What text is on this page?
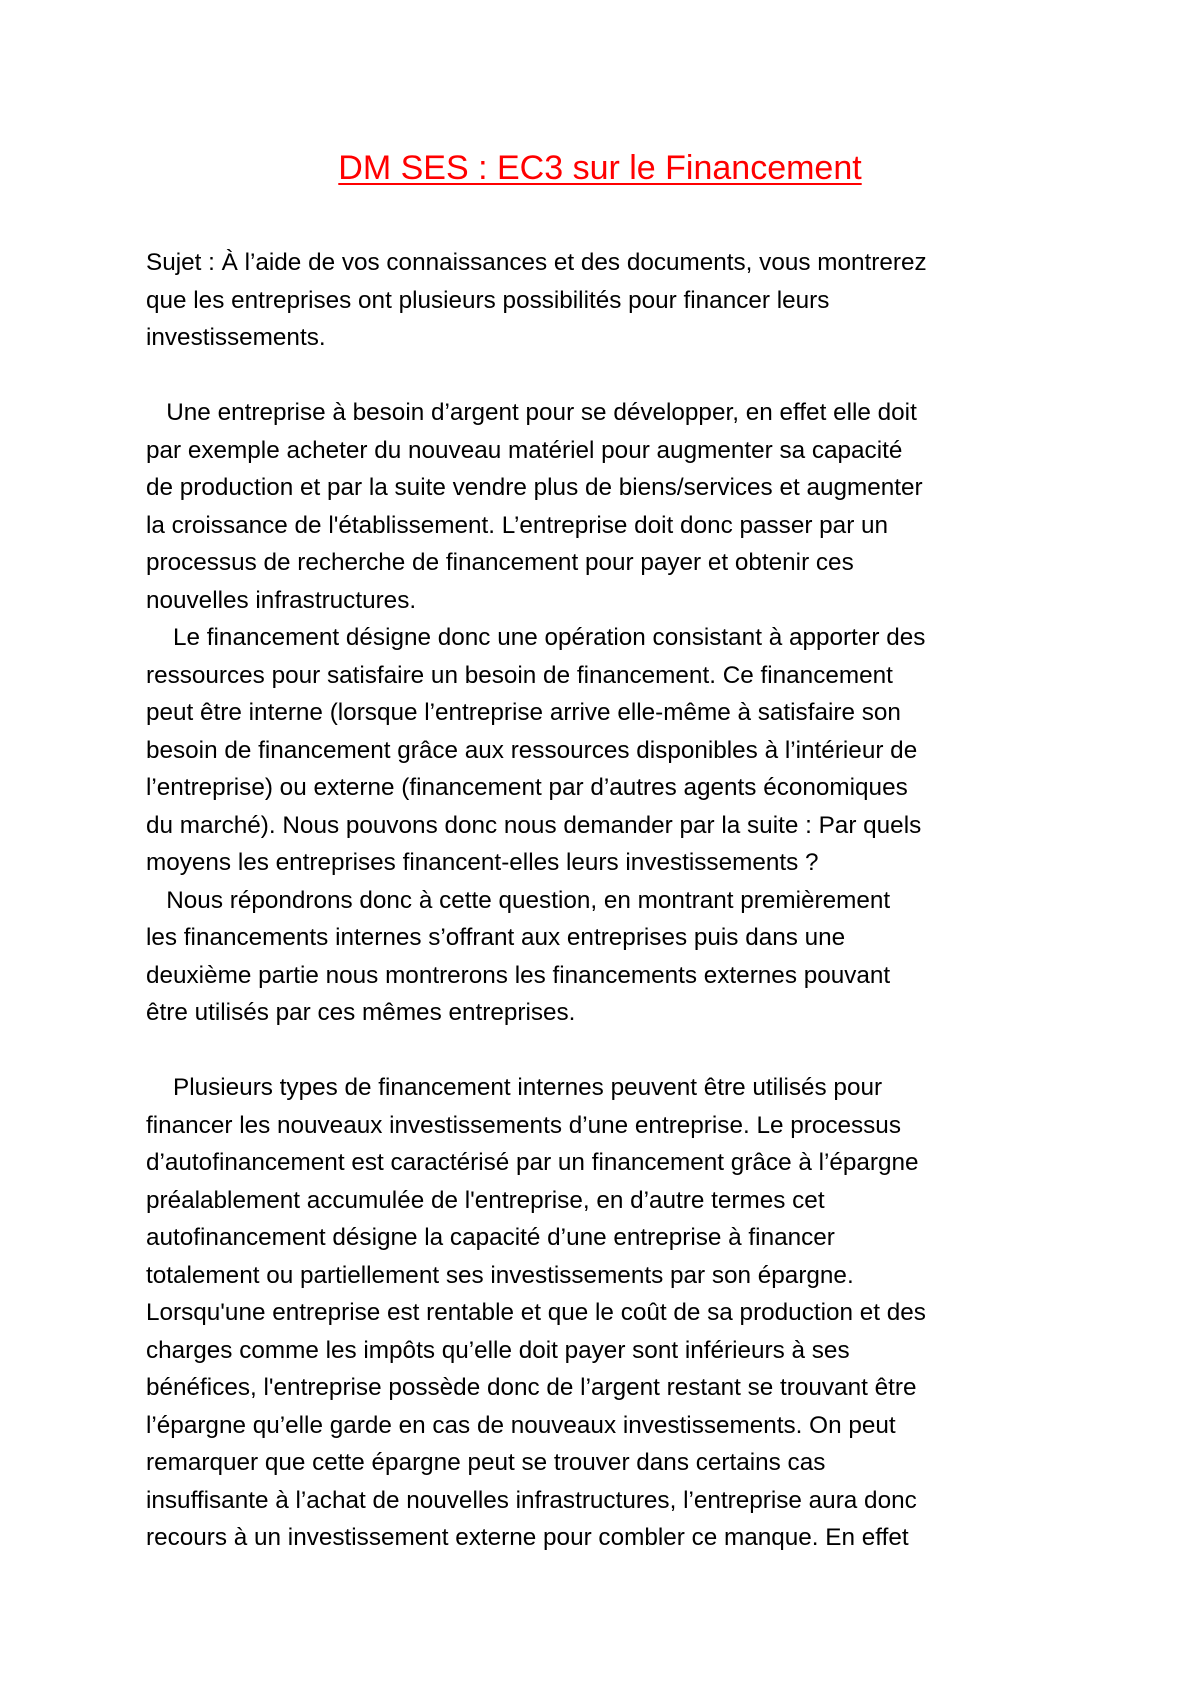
DM SES : EC3 sur le Financement

Sujet : À l’aide de vos connaissances et des documents, vous montrerez
que les entreprises ont plusieurs possibilités pour financer leurs
investissements.

Une entreprise à besoin d’argent pour se développer, en effet elle doit
par exemple acheter du nouveau matériel pour augmenter sa capacité
de production et par la suite vendre plus de biens/services et augmenter
la croissance de l'établissement. L’entreprise doit donc passer par un
processus de recherche de financement pour payer et obtenir ces
nouvelles infrastructures.

Le financement désigne donc une opération consistant à apporter des
ressources pour satisfaire un besoin de financement. Ce financement
peut être interne (lorsque l’entreprise arrive elle-même à satisfaire son
besoin de financement grâce aux ressources disponibles à l’intérieur de
l’entreprise) ou externe (financement par d’autres agents économiques
du marché). Nous pouvons donc nous demander par la suite : Par quels
moyens les entreprises financent-elles leurs investissements ?

Nous répondrons donc à cette question, en montrant premièrement
les financements internes s’offrant aux entreprises puis dans une
deuxième partie nous montrerons les financements externes pouvant
être utilisés par ces mêmes entreprises.

Plusieurs types de financement internes peuvent être utilisés pour
financer les nouveaux investissements d’une entreprise. Le processus
d’autofinancement est caractérisé par un financement grâce à l’épargne
préalablement accumulée de l'entreprise, en d’autre termes cet
autofinancement désigne la capacité d’une entreprise à financer
totalement ou partiellement ses investissements par son épargne.
Lorsqu'une entreprise est rentable et que le coût de sa production et des
charges comme les impôts qu’elle doit payer sont inférieurs à ses
bénéfices, l'entreprise possède donc de l’argent restant se trouvant être
l’épargne qu’elle garde en cas de nouveaux investissements. On peut
remarquer que cette épargne peut se trouver dans certains cas
insuffisante à l’achat de nouvelles infrastructures, l’entreprise aura donc
recours à un investissement externe pour combler ce manque. En effet
